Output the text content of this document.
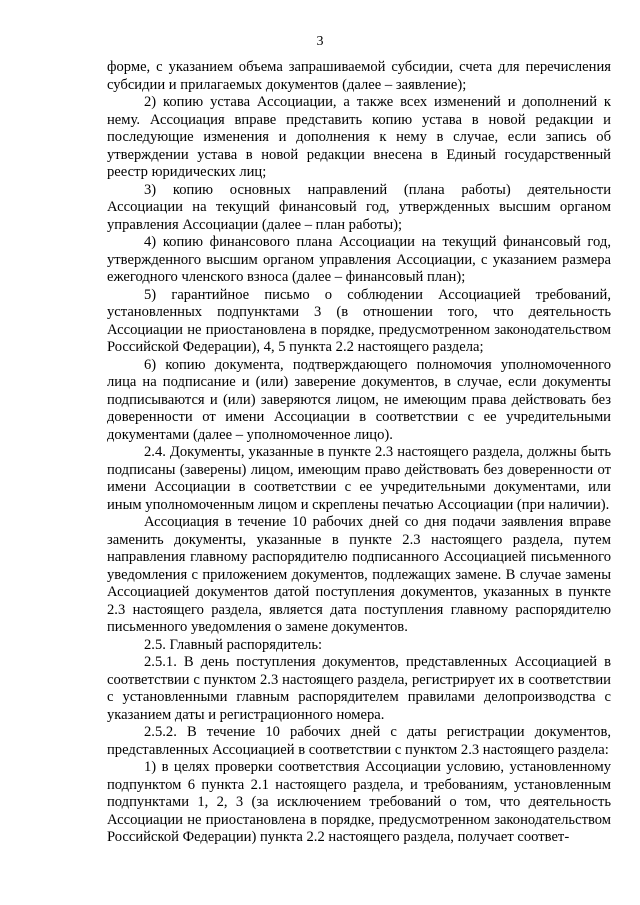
3

форме, с указанием объема запрашиваемой субсидии, счета для перечисления субсидии и прилагаемых документов (далее – заявление);

2) копию устава Ассоциации, а также всех изменений и дополнений к нему. Ассоциация вправе представить копию устава в новой редакции и последующие изменения и дополнения к нему в случае, если запись об утверждении устава в новой редакции внесена в Единый государственный реестр юридических лиц;

3) копию основных направлений (плана работы) деятельности Ассоциации на текущий финансовый год, утвержденных высшим органом управления Ассоциации (далее – план работы);

4) копию финансового плана Ассоциации на текущий финансовый год, утвержденного высшим органом управления Ассоциации, с указанием размера ежегодного членского взноса (далее – финансовый план);

5) гарантийное письмо о соблюдении Ассоциацией требований, установленных подпунктами 3 (в отношении того, что деятельность Ассоциации не приостановлена в порядке, предусмотренном законодательством Российской Федерации), 4, 5 пункта 2.2 настоящего раздела;

6) копию документа, подтверждающего полномочия уполномоченного лица на подписание и (или) заверение документов, в случае, если документы подписываются и (или) заверяются лицом, не имеющим права действовать без доверенности от имени Ассоциации в соответствии с ее учредительными документами (далее – уполномоченное лицо).

2.4. Документы, указанные в пункте 2.3 настоящего раздела, должны быть подписаны (заверены) лицом, имеющим право действовать без доверенности от имени Ассоциации в соответствии с ее учредительными документами, или иным уполномоченным лицом и скреплены печатью Ассоциации (при наличии).

Ассоциация в течение 10 рабочих дней со дня подачи заявления вправе заменить документы, указанные в пункте 2.3 настоящего раздела, путем направления главному распорядителю подписанного Ассоциацией письменного уведомления с приложением документов, подлежащих замене. В случае замены Ассоциацией документов датой поступления документов, указанных в пункте 2.3 настоящего раздела, является дата поступления главному распорядителю письменного уведомления о замене документов.

2.5. Главный распорядитель:

2.5.1. В день поступления документов, представленных Ассоциацией в соответствии с пунктом 2.3 настоящего раздела, регистрирует их в соответствии с установленными главным распорядителем правилами делопроизводства с указанием даты и регистрационного номера.

2.5.2. В течение 10 рабочих дней с даты регистрации документов, представленных Ассоциацией в соответствии с пунктом 2.3 настоящего раздела:

1) в целях проверки соответствия Ассоциации условию, установленному подпунктом 6 пункта 2.1 настоящего раздела, и требованиям, установленным подпунктами 1, 2, 3 (за исключением требований о том, что деятельность Ассоциации не приостановлена в порядке, предусмотренном законодательством Российской Федерации) пункта 2.2 настоящего раздела, получает соответ-
